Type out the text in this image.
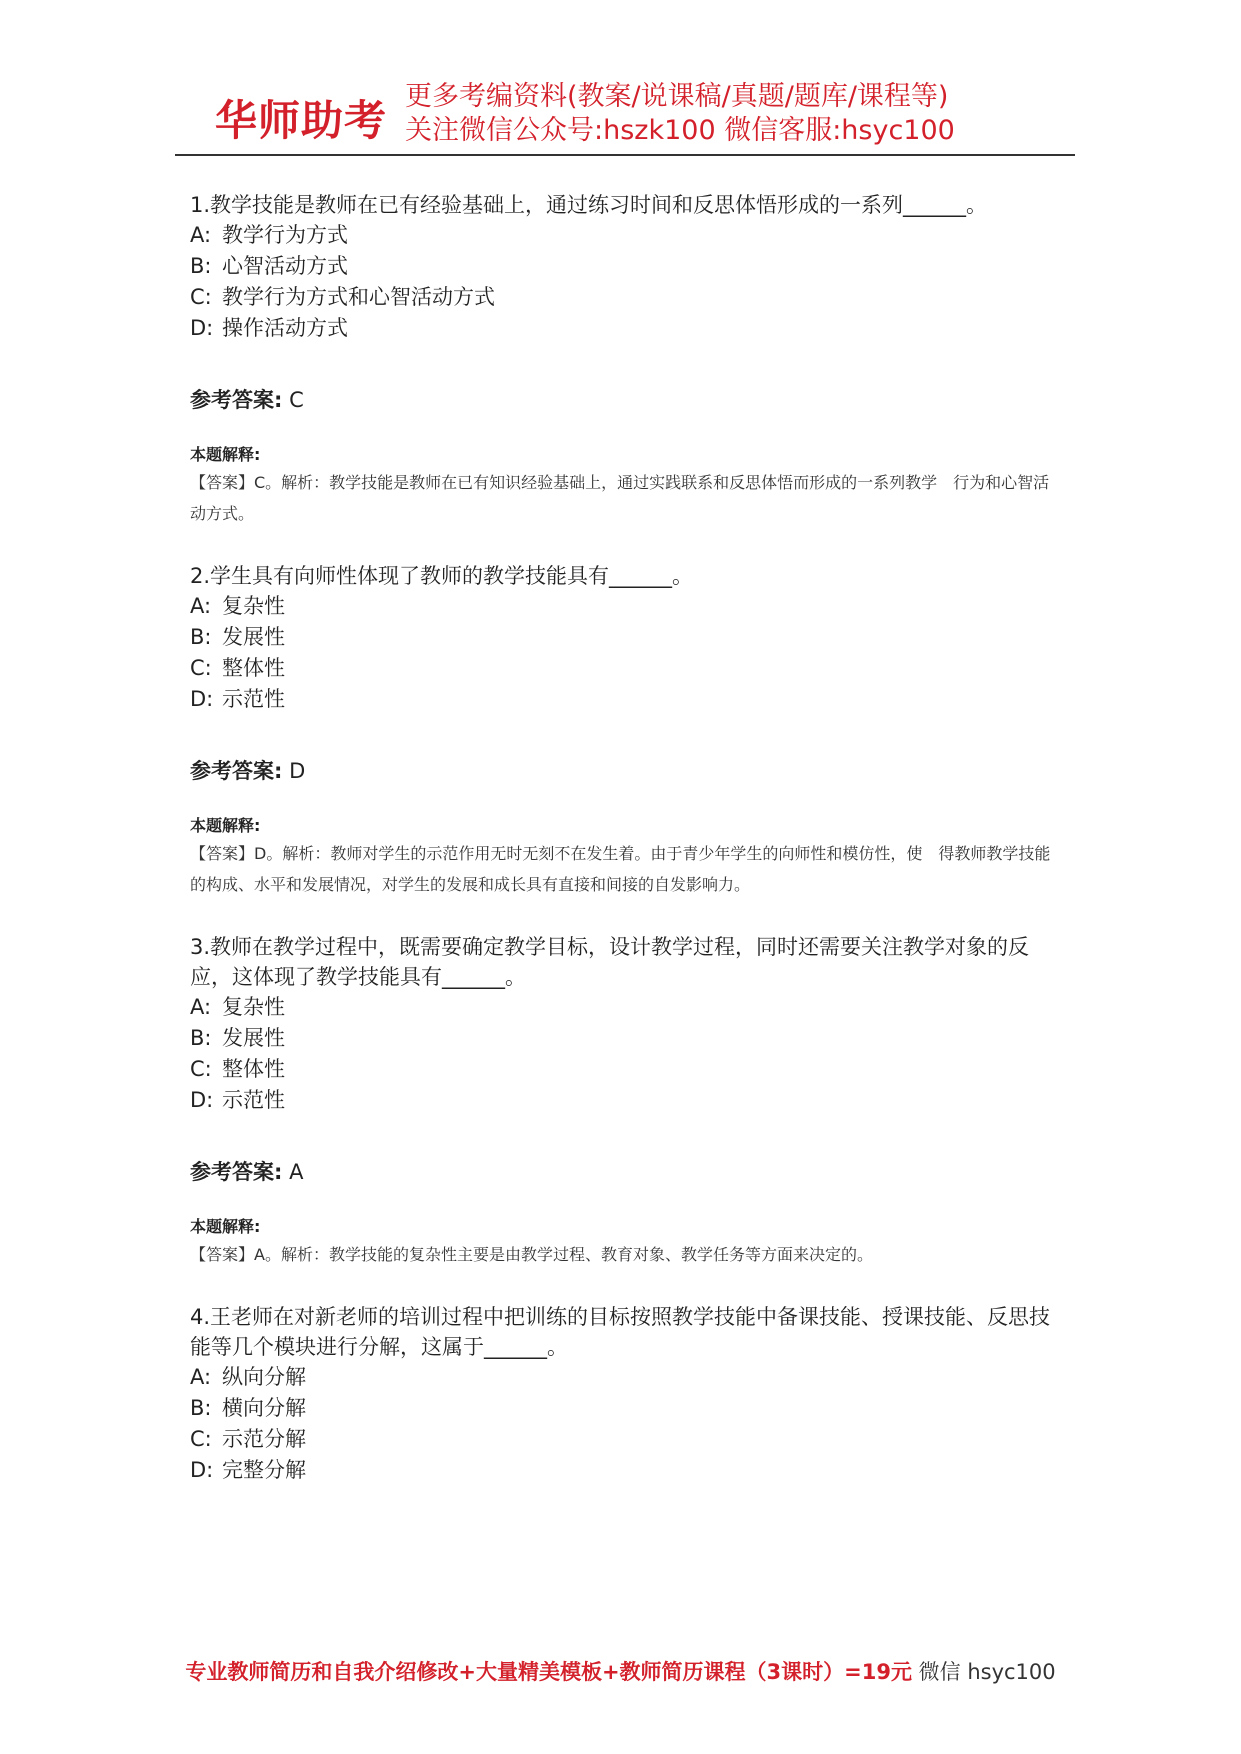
华师助考 更多考编资料(教案/说课稿/真题/题库/课程等)
关注微信公众号:hszk100 微信客服:hsyc100

1.教学技能是教师在已有经验基础上，通过练习时间和反思体悟形成的一系列______。

A: 教学行为方式
B: 心智活动方式
C: 教学行为方式和心智活动方式
D: 操作活动方式

参考答案: C

本题解释:
【答案】C。解析：教学技能是教师在已有知识经验基础上，通过实践联系和反思体悟而形成的一系列教学　行为和心智活动方式。

2.学生具有向师性体现了教师的教学技能具有______。

A: 复杂性
B: 发展性
C: 整体性
D: 示范性

参考答案: D

本题解释:
【答案】D。解析：教师对学生的示范作用无时无刻不在发生着。由于青少年学生的向师性和模仿性，使　得教师教学技能的构成、水平和发展情况，对学生的发展和成长具有直接和间接的自发影响力。

3.教师在教学过程中，既需要确定教学目标，设计教学过程，同时还需要关注教学对象的反应，这体现了教学技能具有______。

A: 复杂性
B: 发展性
C: 整体性
D: 示范性

参考答案: A

本题解释:
【答案】A。解析：教学技能的复杂性主要是由教学过程、教育对象、教学任务等方面来决定的。

4.王老师在对新老师的培训过程中把训练的目标按照教学技能中备课技能、授课技能、反思技能等几个模块进行分解，这属于______。

A: 纵向分解
B: 横向分解
C: 示范分解
D: 完整分解
专业教师简历和自我介绍修改+大量精美模板+教师简历课程（3课时）=19元 微信 hsyc100
